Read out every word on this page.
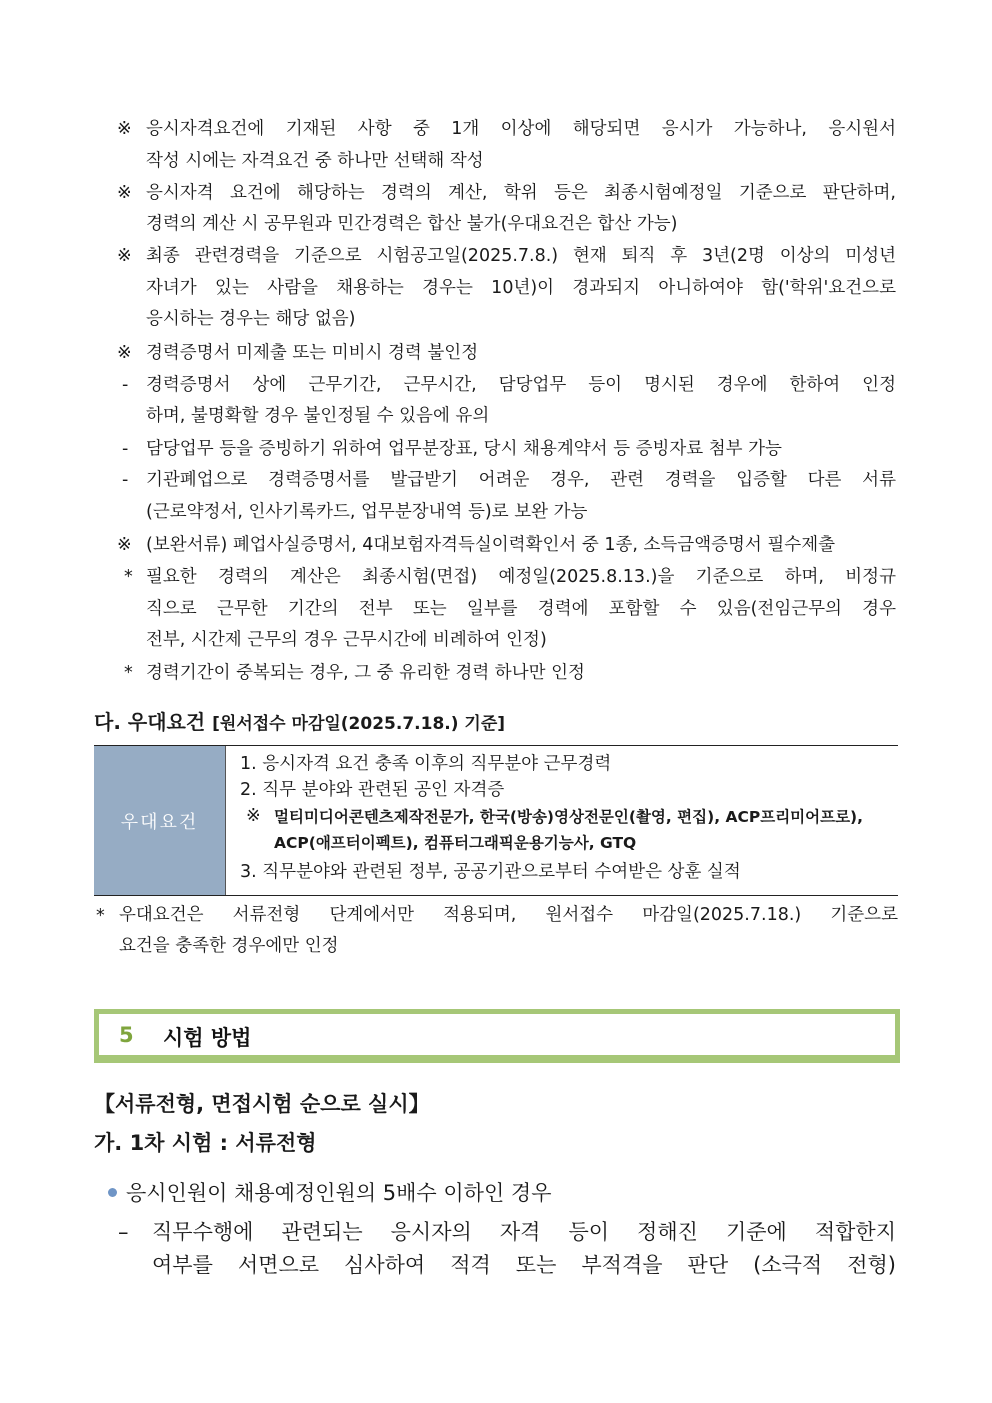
※ 응시자격요건에 기재된 사항 중 1개 이상에 해당되면 응시가 가능하나, 응시원서
작성 시에는 자격요건 중 하나만 선택해 작성
※ 응시자격 요건에 해당하는 경력의 계산, 학위 등은 최종시험예정일 기준으로 판단하며,
경력의 계산 시 공무원과 민간경력은 합산 불가(우대요건은 합산 가능)
※ 최종 관련경력을 기준으로 시험공고일(2025.7.8.) 현재 퇴직 후 3년(2명 이상의 미성년
자녀가 있는 사람을 채용하는 경우는 10년)이 경과되지 아니하여야 함('학위'요건으로
응시하는 경우는 해당 없음)
※ 경력증명서 미제출 또는 미비시 경력 불인정
- 경력증명서 상에 근무기간, 근무시간, 담당업무 등이 명시된 경우에 한하여 인정
하며, 불명확할 경우 불인정될 수 있음에 유의
- 담당업무 등을 증빙하기 위하여 업무분장표, 당시 채용계약서 등 증빙자료 첨부 가능
- 기관폐업으로 경력증명서를 발급받기 어려운 경우, 관련 경력을 입증할 다른 서류
(근로약정서, 인사기록카드, 업무분장내역 등)로 보완 가능
※ (보완서류) 폐업사실증명서, 4대보험자격득실이력확인서 중 1종, 소득금액증명서 필수제출
* 필요한 경력의 계산은 최종시험(면접) 예정일(2025.8.13.)을 기준으로 하며, 비정규
직으로 근무한 기간의 전부 또는 일부를 경력에 포함할 수 있음(전임근무의 경우
전부, 시간제 근무의 경우 근무시간에 비례하여 인정)
* 경력기간이 중복되는 경우, 그 중 유리한 경력 하나만 인정
다. 우대요건 [원서접수 마감일(2025.7.18.) 기준]
우대요건
1. 응시자격 요건 충족 이후의 직무분야 근무경력
2. 직무 분야와 관련된 공인 자격증
※ 멀티미디어콘텐츠제작전문가, 한국(방송)영상전문인(촬영, 편집), ACP프리미어프로),
ACP(애프터이펙트), 컴퓨터그래픽운용기능사, GTQ
3. 직무분야와 관련된 정부, 공공기관으로부터 수여받은 상훈 실적
* 우대요건은 서류전형 단계에서만 적용되며, 원서접수 마감일(2025.7.18.) 기준으로
요건을 충족한 경우에만 인정
5 시험 방법
【서류전형, 면접시험 순으로 실시】
가. 1차 시험 : 서류전형
응시인원이 채용예정인원의 5배수 이하인 경우
– 직무수행에 관련되는 응시자의 자격 등이 정해진 기준에 적합한지
여부를 서면으로 심사하여 적격 또는 부적격을 판단 (소극적 전형)
